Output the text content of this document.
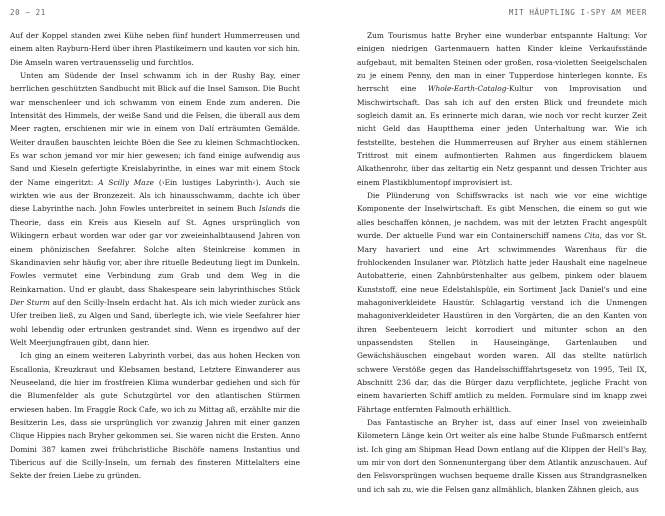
20 – 21

Auf der Koppel standen zwei Kühe neben fünf hundert Hummerreusen und einem alten Rayburn-Herd über ihren Plastikeimern und kauten vor sich hin. Die Amseln waren vertrauensselig und furchtlos.

Unten am Südende der Insel schwamm ich in der Rushy Bay, einer herrlichen geschützten Sandbucht mit Blick auf die Insel Samson. Die Bucht war menschenleer und ich schwamm von einem Ende zum anderen. Die Intensität des Himmels, der weiße Sand und die Felsen, die überall aus dem Meer ragten, erschienen mir wie in einem von Dalí erträumten Gemälde. Weiter draußen bauschten leichte Böen die See zu kleinen Schmachtlocken. Es war schon jemand vor mir hier gewesen; ich fand einige aufwendig aus Sand und Kieseln gefertigte Kreislabyrinthe, in eines war mit einem Stock der Name eingeritzt: A Scilly Maze (›Ein lustiges Labyrinth‹). Auch sie wirkten wie aus der Bronzezeit. Als ich hinausschwamm, dachte ich über diese Labyrinthe nach. John Fowles unterbreitet in seinem Buch Islands die Theorie, dass ein Kreis aus Kieseln auf St. Agnes ursprünglich von Wikingern erbaut worden war oder gar vor zweieinhalbtausend Jahren von einem phönizischen Seefahrer. Solche alten Steinkreise kommen in Skandinavien sehr häufig vor, aber ihre rituelle Bedeutung liegt im Dunkeln. Fowles vermutet eine Verbindung zum Grab und dem Weg in die Reinkarnation. Und er glaubt, dass Shakespeare sein labyrinthisches Stück Der Sturm auf den Scilly-Inseln erdacht hat. Als ich mich wieder zurück ans Ufer treiben ließ, zu Algen und Sand, überlegte ich, wie viele Seefahrer hier wohl lebendig oder ertrunken gestrandet sind. Wenn es irgendwo auf der Welt Meerjungfrauen gibt, dann hier.

Ich ging an einem weiteren Labyrinth vorbei, das aus hohen Hecken von Escallonia, Kreuzkraut und Klebsamen bestand, Letztere Einwanderer aus Neuseeland, die hier im frostfreien Klima wunderbar gediehen und sich für die Blumenfelder als gute Schutzgürtel vor den atlantischen Stürmen erwiesen haben. Im Fraggle Rock Cafe, wo ich zu Mittag aß, erzählte mir die Besitzerin Les, dass sie ursprünglich vor zwanzig Jahren mit einer ganzen Clique Hippies nach Bryher gekommen sei. Sie waren nicht die Ersten. Anno Domini 387 kamen zwei frühchristliche Bischöfe namens Instantius und Tibericus auf die Scilly-Inseln, um fernab des finsteren Mittelalters eine Sekte der freien Liebe zu gründen.

MIT HÄUPTLING I-SPY AM MEER

Zum Tourismus hatte Bryher eine wunderbar entspannte Haltung: Vor einigen niedrigen Gartenmauern hatten Kinder kleine Verkaufsstände aufgebaut, mit bemalten Steinen oder großen, rosa-violetten Seeigelschalen zu je einem Penny, den man in einer Tupperdose hinterlegen konnte. Es herrscht eine Whole-Earth-Catalog-Kultur von Improvisation und Mischwirtschaft. Das sah ich auf den ersten Blick und freundete mich sogleich damit an. Es erinnerte mich daran, wie noch vor recht kurzer Zeit nicht Geld das Hauptthema einer jeden Unterhaltung war. Wie ich feststellte, bestehen die Hummerreusen auf Bryher aus einem stählernen Trittrost mit einem aufmontierten Rahmen aus fingerdickem blauem Alkathenrohr, über das zeltartig ein Netz gespannt und dessen Trichter aus einem Plastikblumentopf improvisiert ist.

Die Plünderung von Schiffswracks ist nach wie vor eine wichtige Komponente der Inselwirtschaft. Es gibt Menschen, die einem so gut wie alles beschaffen können, je nachdem, was mit der letzten Fracht angespült wurde. Der aktuelle Fund war ein Containerschiff namens Cita, das vor St. Mary havariert und eine Art schwimmendes Warenhaus für die frohlockenden Insulaner war. Plötzlich hatte jeder Haushalt eine nagelneue Autobatterie, einen Zahnbürstenhalter aus gelbem, pinkem oder blauem Kunststoff, eine neue Edelstahlspüle, ein Sortiment Jack Daniel's und eine mahagoniverkleidete Haustür. Schlagartig verstand ich die Unmengen mahagoniverkleideter Haustüren in den Vorgärten, die an den Kanten von ihren Seebenteuern leicht korrodiert und mitunter schon an den unpassendsten Stellen in Hauseingänge, Gartenlauben und Gewächshäuschen eingebaut worden waren. All das stellte natürlich schwere Verstöße gegen das Handelsschifffahrtsgesetz von 1995, Teil IX, Abschnitt 236 dar, das die Bürger dazu verpflichtete, jegliche Fracht von einem havarierten Schiff amtlich zu melden. Formulare sind im knapp zwei Fährtage entfernten Falmouth erhältlich.

Das Fantastische an Bryher ist, dass auf einer Insel von zweieinhalb Kilometern Länge kein Ort weiter als eine halbe Stunde Fußmarsch entfernt ist. Ich ging am Shipman Head Down entlang auf die Klippen der Hell's Bay, um mir von dort den Sonnenuntergang über dem Atlantik anzuschauen. Auf den Felsvorsprüngen wuchsen bequeme dralle Kissen aus Strandgrasnelken und ich sah zu, wie die Felsen ganz allmählich, blanken Zähnen gleich, aus
